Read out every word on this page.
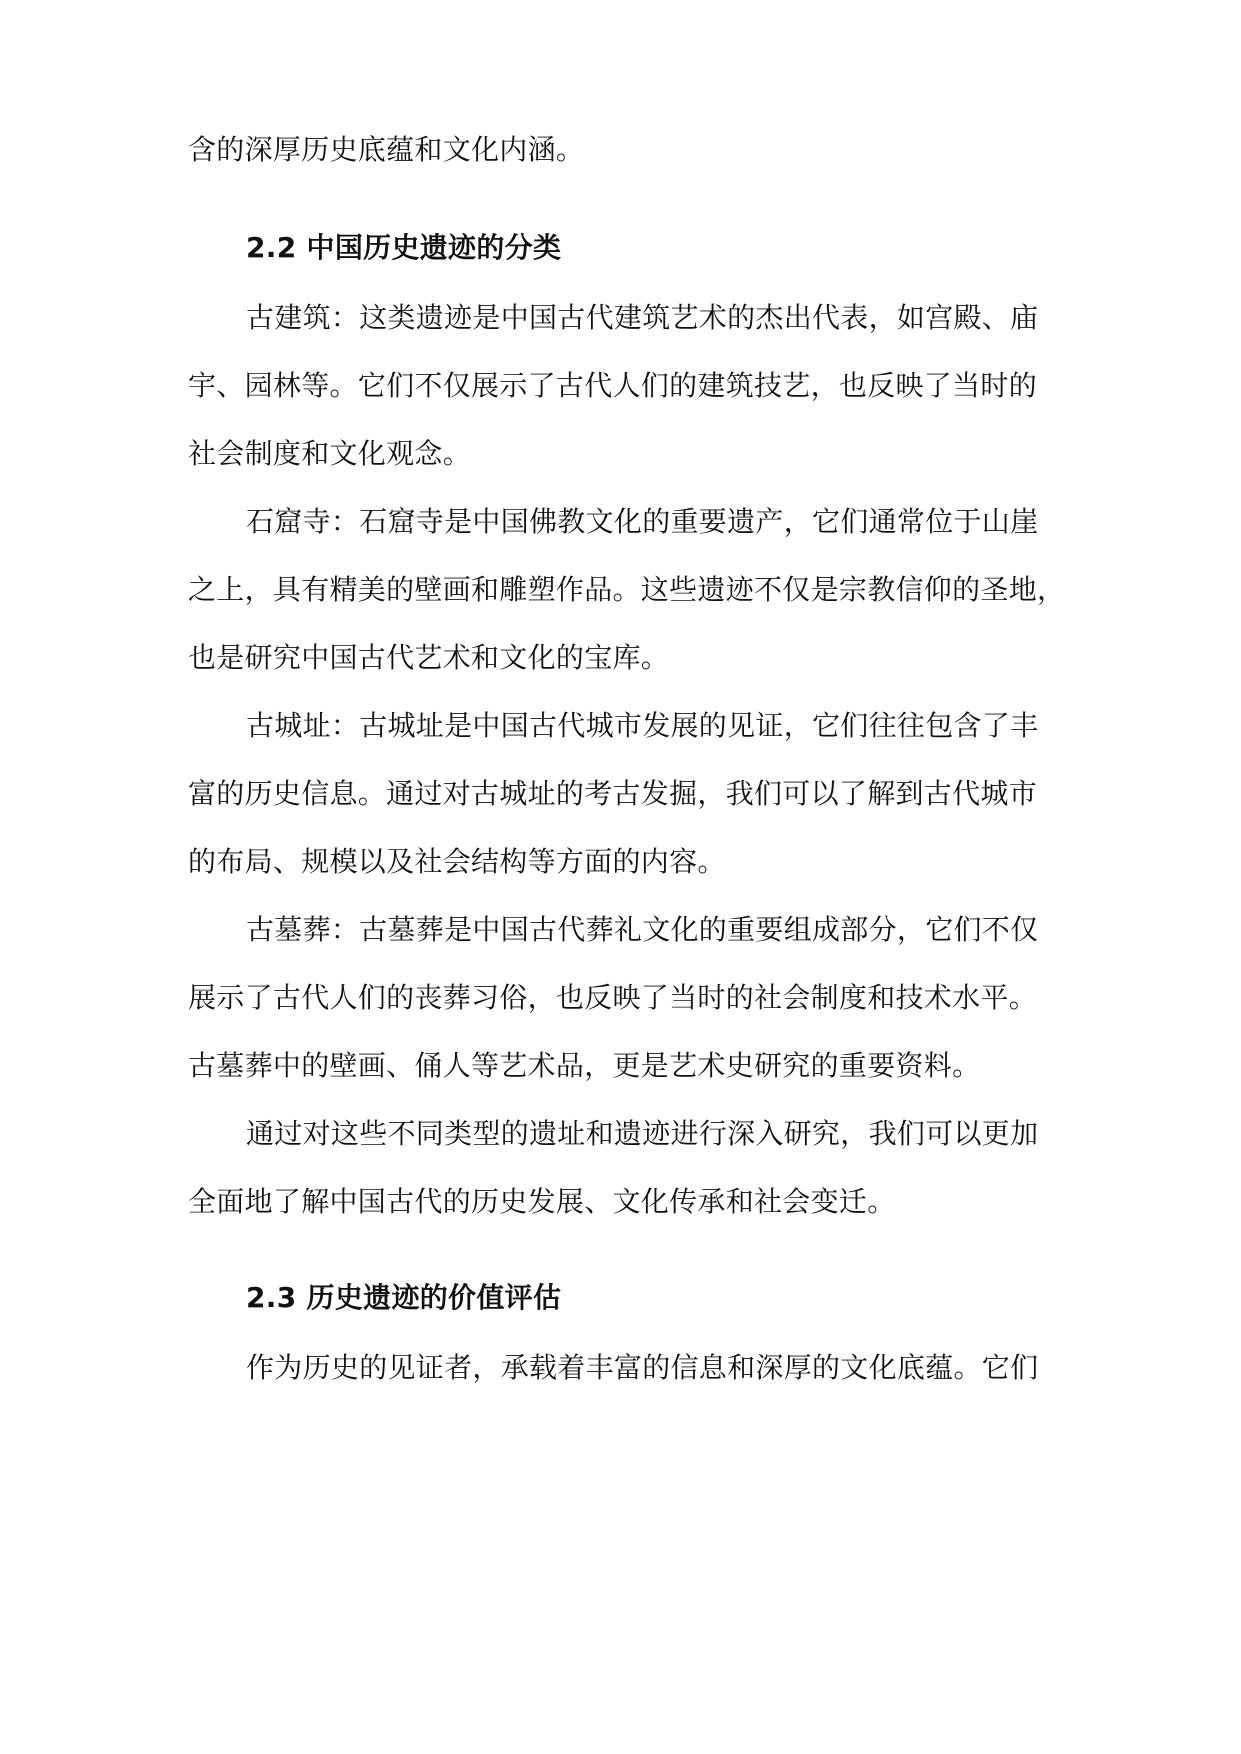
含的深厚历史底蕴和文化内涵。
2.2 中国历史遗迹的分类
古建筑：这类遗迹是中国古代建筑艺术的杰出代表，如宫殿、庙
宇、园林等。它们不仅展示了古代人们的建筑技艺，也反映了当时的
社会制度和文化观念。
石窟寺：石窟寺是中国佛教文化的重要遗产，它们通常位于山崖
之上，具有精美的壁画和雕塑作品。这些遗迹不仅是宗教信仰的圣地，
也是研究中国古代艺术和文化的宝库。
古城址：古城址是中国古代城市发展的见证，它们往往包含了丰
富的历史信息。通过对古城址的考古发掘，我们可以了解到古代城市
的布局、规模以及社会结构等方面的内容。
古墓葬：古墓葬是中国古代葬礼文化的重要组成部分，它们不仅
展示了古代人们的丧葬习俗，也反映了当时的社会制度和技术水平。
古墓葬中的壁画、俑人等艺术品，更是艺术史研究的重要资料。
通过对这些不同类型的遗址和遗迹进行深入研究，我们可以更加
全面地了解中国古代的历史发展、文化传承和社会变迁。
2.3 历史遗迹的价值评估
作为历史的见证者，承载着丰富的信息和深厚的文化底蕴。它们
